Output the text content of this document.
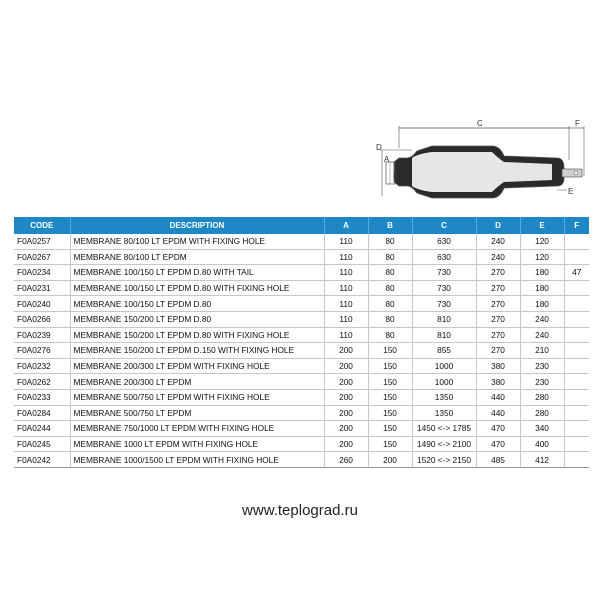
C	F
D
A
B
E
CODE	DESCRIPTION	A	B	C	D	E	F
F0A0257	MEMBRANE 80/100 LT EPDM WITH FIXING HOLE	110	80	630	240	120	
F0A0267	MEMBRANE 80/100 LT EPDM	110	80	630	240	120	
F0A0234	MEMBRANE 100/150 LT EPDM D.80 WITH TAIL	110	80	730	270	180	47
F0A0231	MEMBRANE 100/150 LT EPDM D.80 WITH FIXING HOLE	110	80	730	270	180	
F0A0240	MEMBRANE 100/150 LT EPDM D.80	110	80	730	270	180	
F0A0266	MEMBRANE 150/200 LT EPDM D.80	110	80	810	270	240	
F0A0239	MEMBRANE 150/200 LT EPDM D.80 WITH FIXING HOLE	110	80	810	270	240	
F0A0276	MEMBRANE 150/200 LT EPDM D.150 WITH FIXING HOLE	200	150	855	270	210	
F0A0232	MEMBRANE 200/300 LT EPDM WITH FIXING HOLE	200	150	1000	380	230	
F0A0262	MEMBRANE 200/300 LT EPDM	200	150	1000	380	230	
F0A0233	MEMBRANE 500/750 LT EPDM WITH FIXING HOLE	200	150	1350	440	280	
F0A0284	MEMBRANE 500/750 LT EPDM	200	150	1350	440	280	
F0A0244	MEMBRANE 750/1000 LT EPDM WITH FIXING HOLE	200	150	1450 <-> 1785	470	340	
F0A0245	MEMBRANE 1000 LT EPDM WITH FIXING HOLE	200	150	1490 <-> 2100	470	400	
F0A0242	MEMBRANE 1000/1500 LT EPDM WITH FIXING HOLE	260	200	1520 <-> 2150	485	412	
www.teplograd.ru
